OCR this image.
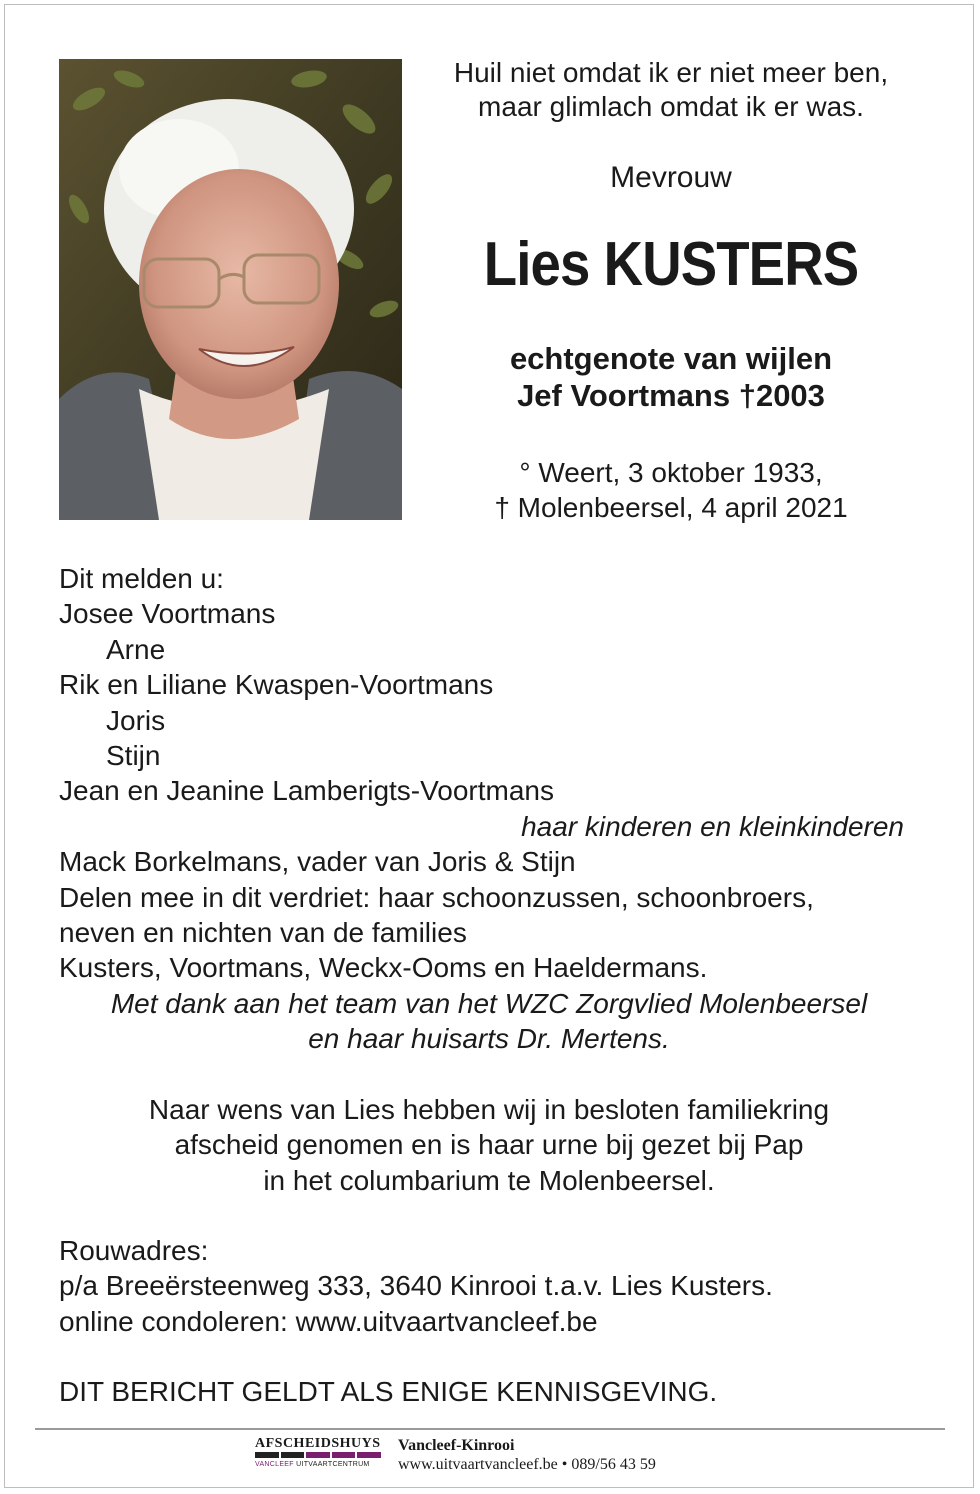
Huil niet omdat ik er niet meer ben,
maar glimlach omdat ik er was.
Mevrouw
Lies KUSTERS
echtgenote van wijlen
Jef Voortmans †2003
° Weert, 3 oktober 1933,
† Molenbeersel, 4 april 2021
Dit melden u:
Josee Voortmans
Arne
Rik en Liliane Kwaspen-Voortmans
Joris
Stijn
Jean en Jeanine Lamberigts-Voortmans
haar kinderen en kleinkinderen
Mack Borkelmans, vader van Joris & Stijn
Delen mee in dit verdriet: haar schoonzussen, schoonbroers,
neven en nichten van de families
Kusters, Voortmans, Weckx-Ooms en Haeldermans.
Met dank aan het team van het WZC Zorgvlied Molenbeersel
en haar huisarts Dr. Mertens.
Naar wens van Lies hebben wij in besloten familiekring
afscheid genomen en is haar urne bij gezet bij Pap
in het columbarium te Molenbeersel.
Rouwadres:
p/a Breeërsteenweg 333, 3640 Kinrooi t.a.v. Lies Kusters.
online condoleren: www.uitvaartvancleef.be
DIT BERICHT GELDT ALS ENIGE KENNISGEVING.
AFSCHEIDSHUYS
VANCLEEF UITVAARTCENTRUM
Vancleef-Kinrooi
www.uitvaartvancleef.be • 089/56 43 59
